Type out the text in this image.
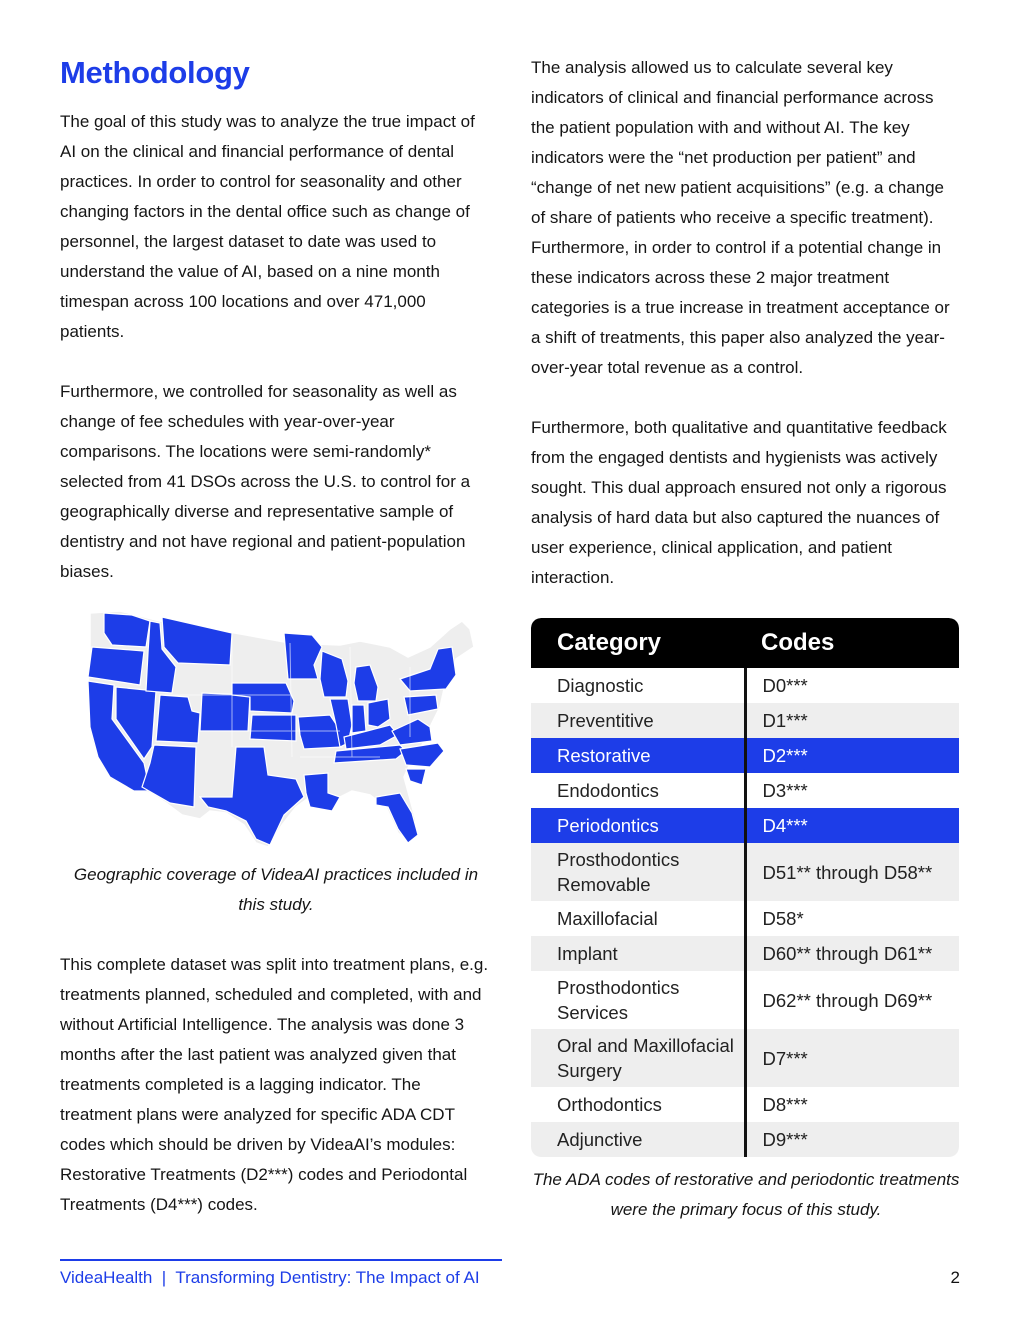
Methodology

The goal of this study was to analyze the true impact of AI on the clinical and financial performance of dental practices. In order to control for seasonality and other changing factors in the dental office such as change of personnel, the largest dataset to date was used to understand the value of AI, based on a nine month timespan across 100 locations and over 471,000 patients.

Furthermore, we controlled for seasonality as well as change of fee schedules with year-over-year comparisons. The locations were semi-randomly* selected from 41 DSOs across the U.S. to control for a geographically diverse and representative sample of dentistry and not have regional and patient-population biases.

Geographic coverage of VideaAI practices included in this study.

This complete dataset was split into treatment plans, e.g. treatments planned, scheduled and completed, with and without Artificial Intelligence. The analysis was done 3 months after the last patient was analyzed given that treatments completed is a lagging indicator. The treatment plans were analyzed for specific ADA CDT codes which should be driven by VideaAI’s modules: Restorative Treatments (D2***) codes and Periodontal Treatments (D4***) codes.

The analysis allowed us to calculate several key indicators of clinical and financial performance across the patient population with and without AI. The key indicators were the “net production per patient” and “change of net new patient acquisitions” (e.g. a change of share of patients who receive a specific treatment). Furthermore, in order to control if a potential change in these indicators across these 2 major treatment categories is a true increase in treatment acceptance or a shift of treatments, this paper also analyzed the year-over-year total revenue as a control.

Furthermore, both qualitative and quantitative feedback from the engaged dentists and hygienists was actively sought. This dual approach ensured not only a rigorous analysis of hard data but also captured the nuances of user experience, clinical application, and patient interaction.

Category	Codes
Diagnostic	D0***
Preventitive	D1***
Restorative	D2***
Endodontics	D3***
Periodontics	D4***
Prosthodontics Removable	D51** through D58**
Maxillofacial	D58*
Implant	D60** through D61**
Prosthodontics Services	D62** through D69**
Oral and Maxillofacial Surgery	D7***
Orthodontics	D8***
Adjunctive	D9***
The ADA codes of restorative and periodontic treatments were the primary focus of this study.
VideaHealth  |  Transforming Dentistry: The Impact of AI	2
